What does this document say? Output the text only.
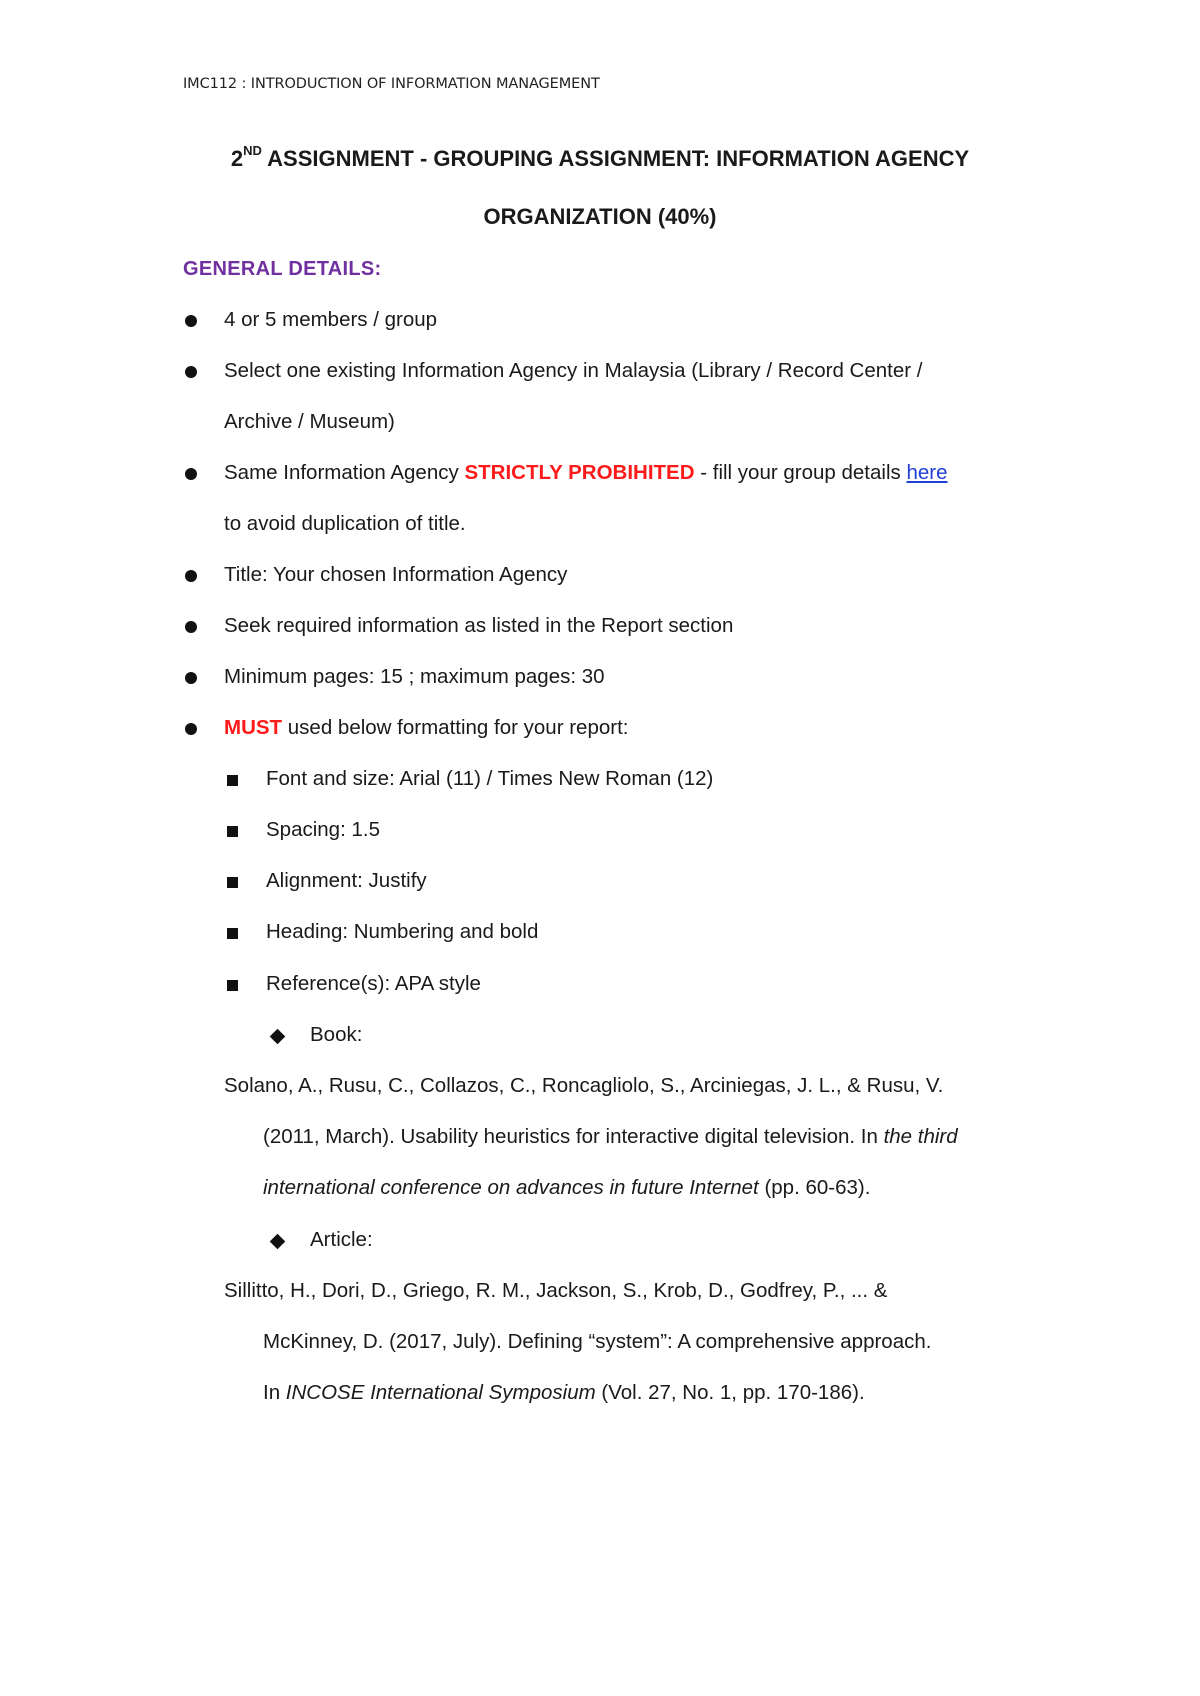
IMC112 : INTRODUCTION OF INFORMATION MANAGEMENT
2ND ASSIGNMENT - GROUPING ASSIGNMENT: INFORMATION AGENCY
ORGANIZATION (40%)
GENERAL DETAILS:
4 or 5 members / group
Select one existing Information Agency in Malaysia (Library / Record Center /
Archive / Museum)
Same Information Agency STRICTLY PROBIHITED - fill your group details here
to avoid duplication of title.
Title: Your chosen Information Agency
Seek required information as listed in the Report section
Minimum pages: 15 ; maximum pages: 30
MUST used below formatting for your report:
Font and size: Arial (11) / Times New Roman (12)
Spacing: 1.5
Alignment: Justify
Heading: Numbering and bold
Reference(s): APA style
Book:
Solano, A., Rusu, C., Collazos, C., Roncagliolo, S., Arciniegas, J. L., & Rusu, V.
(2011, March). Usability heuristics for interactive digital television. In the third
international conference on advances in future Internet (pp. 60-63).
Article:
Sillitto, H., Dori, D., Griego, R. M., Jackson, S., Krob, D., Godfrey, P., ... &
McKinney, D. (2017, July). Defining “system”: A comprehensive approach.
In INCOSE International Symposium (Vol. 27, No. 1, pp. 170-186).
